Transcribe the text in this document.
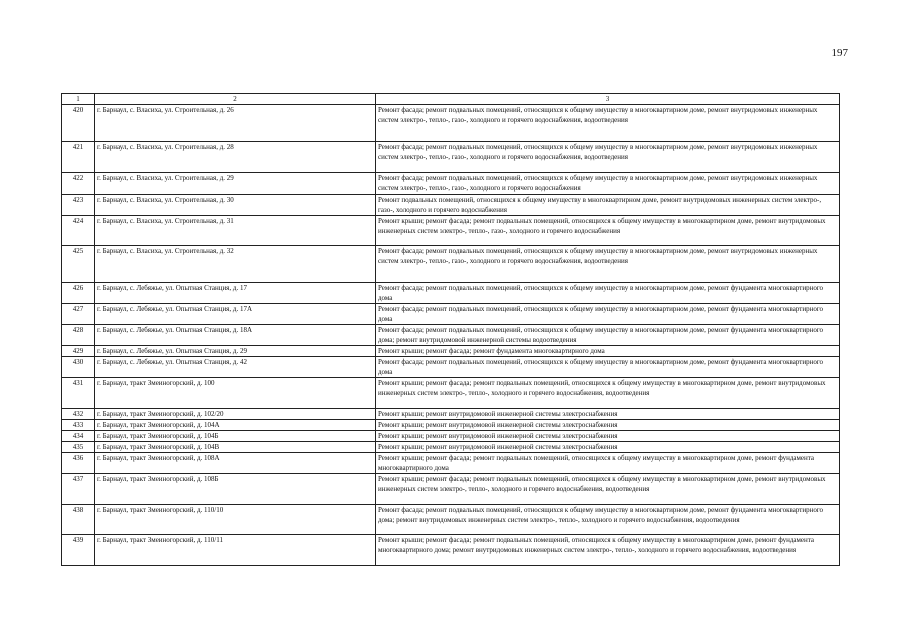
197
1	2	3
420	г. Барнаул, с. Власиха, ул. Строительная, д. 26	Ремонт фасада; ремонт подвальных помещений, относящихся к общему имуществу в многоквартирном доме, ремонт внутридомовых инженерных систем электро-, тепло-, газо-, холодного и горячего водоснабжения, водоотведения
421	г. Барнаул, с. Власиха, ул. Строительная, д. 28	Ремонт фасада; ремонт подвальных помещений, относящихся к общему имуществу в многоквартирном доме, ремонт внутридомовых инженерных систем электро-, тепло-, газо-, холодного и горячего водоснабжения, водоотведения
422	г. Барнаул, с. Власиха, ул. Строительная, д. 29	Ремонт фасада; ремонт подвальных помещений, относящихся к общему имуществу в многоквартирном доме, ремонт внутридомовых инженерных систем электро-, тепло-, газо-, холодного и горячего водоснабжения
423	г. Барнаул, с. Власиха, ул. Строительная, д. 30	Ремонт подвальных помещений, относящихся к общему имуществу в многоквартирном доме, ремонт внутридомовых инженерных систем электро-, газо-, холодного и горячего водоснабжения
424	г. Барнаул, с. Власиха, ул. Строительная, д. 31	Ремонт крыши; ремонт фасада; ремонт подвальных помещений, относящихся к общему имуществу в многоквартирном доме, ремонт внутридомовых инженерных систем электро-, тепло-, газо-, холодного и горячего водоснабжения
425	г. Барнаул, с. Власиха, ул. Строительная, д. 32	Ремонт фасада; ремонт подвальных помещений, относящихся к общему имуществу в многоквартирном доме, ремонт внутридомовых инженерных систем электро-, тепло-, газо-, холодного и горячего водоснабжения, водоотведения
426	г. Барнаул, с. Лебяжье, ул. Опытная Станция, д. 17	Ремонт фасада; ремонт подвальных помещений, относящихся к общему имуществу в многоквартирном доме, ремонт фундамента многоквартирного дома
427	г. Барнаул, с. Лебяжье, ул. Опытная Станция, д. 17А	Ремонт фасада; ремонт подвальных помещений, относящихся к общему имуществу в многоквартирном доме, ремонт фундамента многоквартирного дома
428	г. Барнаул, с. Лебяжье, ул. Опытная Станция, д. 18А	Ремонт фасада; ремонт подвальных помещений, относящихся к общему имуществу в многоквартирном доме, ремонт фундамента многоквартирного дома; ремонт внутридомовой инженерной системы водоотведения
429	г. Барнаул, с. Лебяжье, ул. Опытная Станция, д. 29	Ремонт крыши; ремонт фасада; ремонт фундамента многоквартирного дома
430	г. Барнаул, с. Лебяжье, ул. Опытная Станция, д. 42	Ремонт фасада; ремонт подвальных помещений, относящихся к общему имуществу в многоквартирном доме, ремонт фундамента многоквартирного дома
431	г. Барнаул, тракт Змеиногорский, д. 100	Ремонт крыши; ремонт фасада; ремонт подвальных помещений, относящихся к общему имуществу в многоквартирном доме, ремонт внутридомовых инженерных систем электро-, тепло-, холодного и горячего водоснабжения, водоотведения
432	г. Барнаул, тракт Змеиногорский, д. 102/20	Ремонт крыши; ремонт внутридомовой инженерной системы электроснабжения
433	г. Барнаул, тракт Змеиногорский, д. 104А	Ремонт крыши; ремонт внутридомовой инженерной системы электроснабжения
434	г. Барнаул, тракт Змеиногорский, д. 104Б	Ремонт крыши; ремонт внутридомовой инженерной системы электроснабжения
435	г. Барнаул, тракт Змеиногорский, д. 104В	Ремонт крыши; ремонт внутридомовой инженерной системы электроснабжения
436	г. Барнаул, тракт Змеиногорский, д. 108А	Ремонт крыши; ремонт фасада; ремонт подвальных помещений, относящихся к общему имуществу в многоквартирном доме, ремонт фундамента многоквартирного дома
437	г. Барнаул, тракт Змеиногорский, д. 108Б	Ремонт крыши; ремонт фасада; ремонт подвальных помещений, относящихся к общему имуществу в многоквартирном доме, ремонт внутридомовых инженерных систем электро-, тепло-, холодного и горячего водоснабжения, водоотведения
438	г. Барнаул, тракт Змеиногорский, д. 110/10	Ремонт фасада; ремонт подвальных помещений, относящихся к общему имуществу в многоквартирном доме, ремонт фундамента многоквартирного дома; ремонт внутридомовых инженерных систем электро-, тепло-, холодного и горячего водоснабжения, водоотведения
439	г. Барнаул, тракт Змеиногорский, д. 110/11	Ремонт крыши; ремонт фасада; ремонт подвальных помещений, относящихся к общему имуществу в многоквартирном доме, ремонт фундамента многоквартирного дома; ремонт внутридомовых инженерных систем электро-, тепло-, холодного и горячего водоснабжения, водоотведения
